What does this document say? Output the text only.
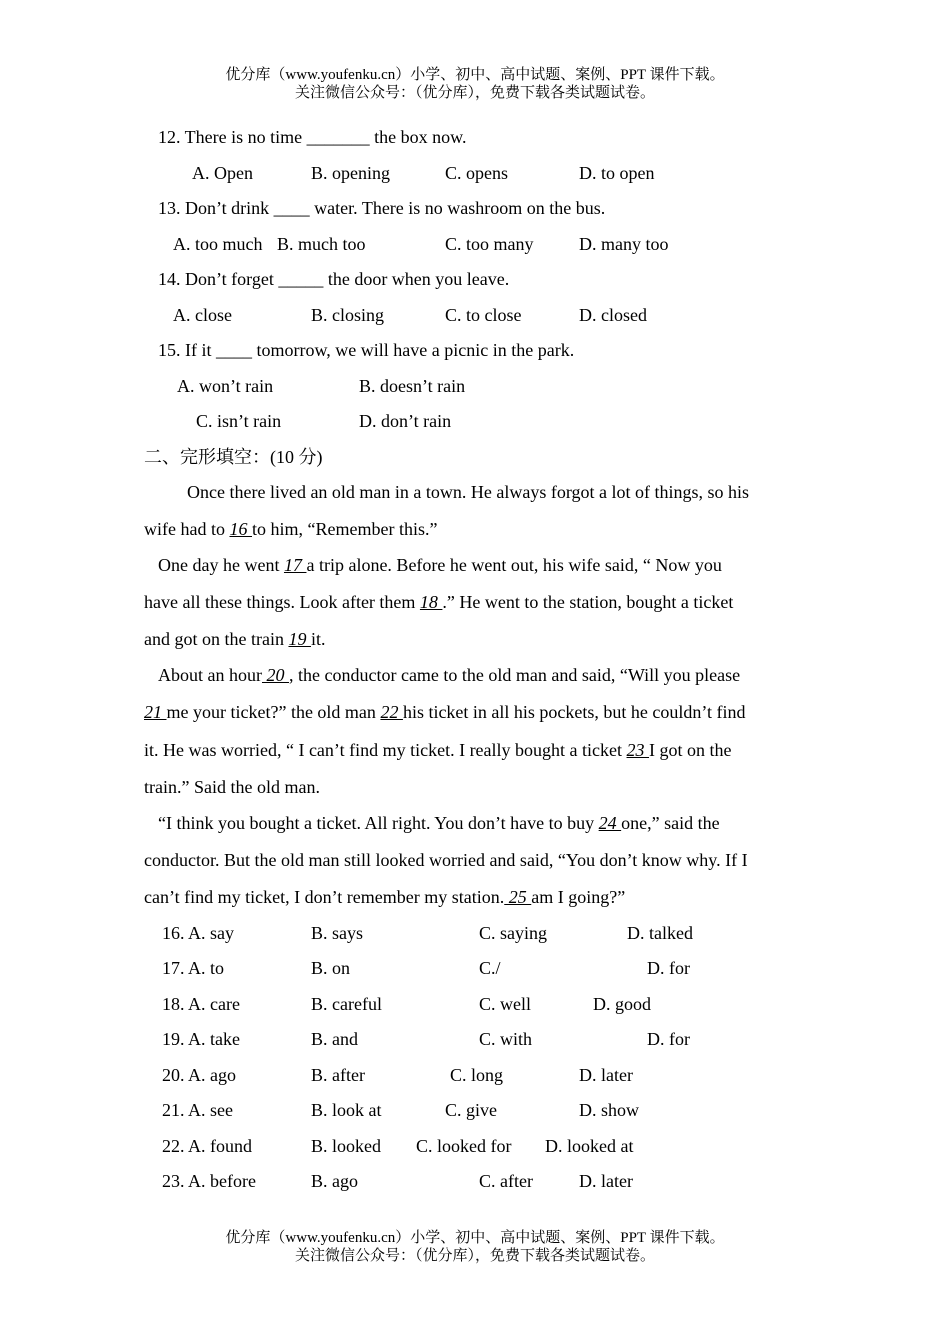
优分库（www.youfenku.cn）小学、初中、高中试题、案例、PPT 课件下载。
关注微信公众号：（优分库），免费下载各类试题试卷。
12. There is no time _______ the box now.
A. Open	B. opening	C. opens	D. to open
13. Don’t drink ____ water. There is no washroom on the bus.
A. too much B. much too	C. too many	D. many too
14. Don’t forget _____ the door when you leave.
A. close	B. closing	C. to close	D. closed
15. If it ____ tomorrow, we will have a picnic in the park.
A. won’t rain	B. doesn’t rain
C. isn’t rain	D. don’t rain
二、完形填空：(10 分)
Once there lived an old man in a town. He always forgot a lot of things, so his
wife had to 16 to him, “Remember this.”
One day he went 17 a trip alone. Before he went out, his wife said, “ Now you
have all these things. Look after them 18 .” He went to the station, bought a ticket
and got on the train 19 it.
About an hour 20 , the conductor came to the old man and said, “Will you please
21 me your ticket?” the old man 22 his ticket in all his pockets, but he couldn’t find
it. He was worried, “ I can’t find my ticket. I really bought a ticket 23 I got on the
train.” Said the old man.
“I think you bought a ticket. All right. You don’t have to buy 24 one,” said the
conductor. But the old man still looked worried and said, “You don’t know why. If I
can’t find my ticket, I don’t remember my station. 25 am I going?”
16. A. say	B. says	C. saying	D. talked
17. A. to	B. on	C./	D. for
18. A. care	B. careful	C. well	D. good
19. A. take	B. and	C. with	D. for
20. A. ago	B. after	C. long	D. later
21. A. see	B. look at	C. give	D. show
22. A. found	B. looked C. looked for D. looked at
23. A. before	B. ago	C. after	D. later
优分库（www.youfenku.cn）小学、初中、高中试题、案例、PPT 课件下载。
关注微信公众号：（优分库），免费下载各类试题试卷。
